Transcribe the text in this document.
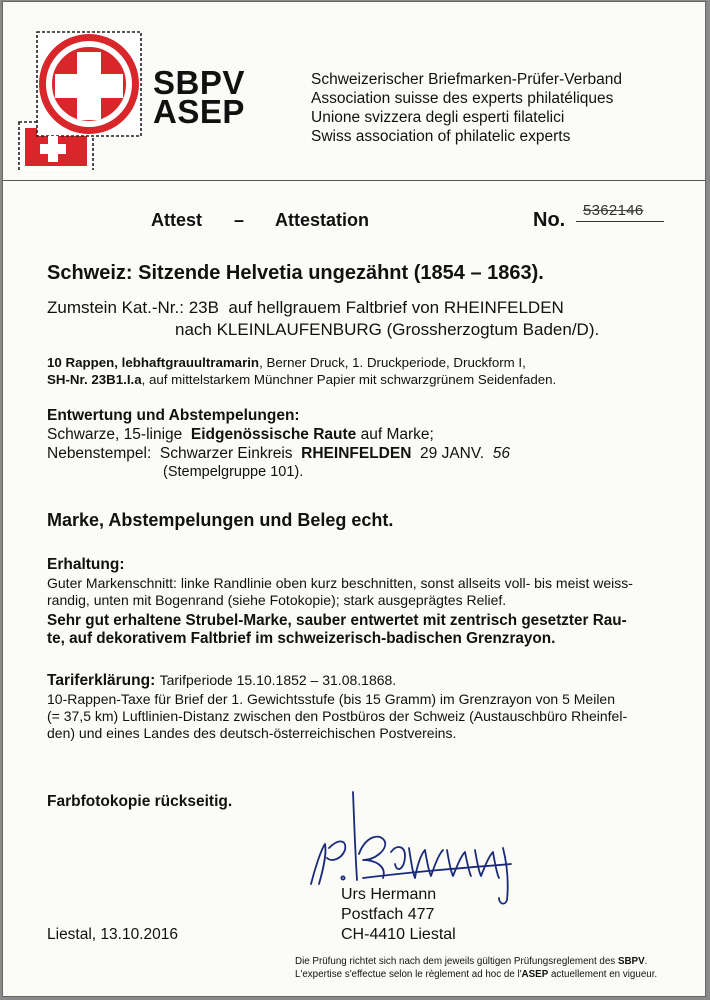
SBPV
ASEP
Schweizerischer Briefmarken-Prüfer-Verband
Association suisse des experts philatéliques
Unione svizzera degli esperti filatelici
Swiss association of philatelic experts
Attest – Attestation	No. 5362146
Schweiz: Sitzende Helvetia ungezähnt (1854 – 1863).
Zumstein Kat.-Nr.: 23B auf hellgrauem Faltbrief von RHEINFELDEN
nach KLEINLAUFENBURG (Grossherzogtum Baden/D).
10 Rappen, lebhaftgrauultramarin, Berner Druck, 1. Druckperiode, Druckform I,
SH-Nr. 23B1.I.a, auf mittelstarkem Münchner Papier mit schwarzgrünem Seidenfaden.
Entwertung und Abstempelungen:
Schwarze, 15-linige Eidgenössische Raute auf Marke;
Nebenstempel: Schwarzer Einkreis RHEINFELDEN 29 JANV. 56
(Stempelgruppe 101).
Marke, Abstempelungen und Beleg echt.
Erhaltung:
Guter Markenschnitt: linke Randlinie oben kurz beschnitten, sonst allseits voll- bis meist weiss-
randig, unten mit Bogenrand (siehe Fotokopie); stark ausgeprägtes Relief.
Sehr gut erhaltene Strubel-Marke, sauber entwertet mit zentrisch gesetzter Rau-
te, auf dekorativem Faltbrief im schweizerisch-badischen Grenzrayon.
Tariferklärung: Tarifperiode 15.10.1852 – 31.08.1868.
10-Rappen-Taxe für Brief der 1. Gewichtsstufe (bis 15 Gramm) im Grenzrayon von 5 Meilen
(= 37,5 km) Luftlinien-Distanz zwischen den Postbüros der Schweiz (Austauschbüro Rheinfel-
den) und eines Landes des deutsch-österreichischen Postvereins.
Farbfotokopie rückseitig.
Urs Hermann
Postfach 477
CH-4410 Liestal
Liestal, 13.10.2016
Die Prüfung richtet sich nach dem jeweils gültigen Prüfungsreglement des SBPV.
L'expertise s'effectue selon le règlement ad hoc de l'ASEP actuellement en vigueur.
